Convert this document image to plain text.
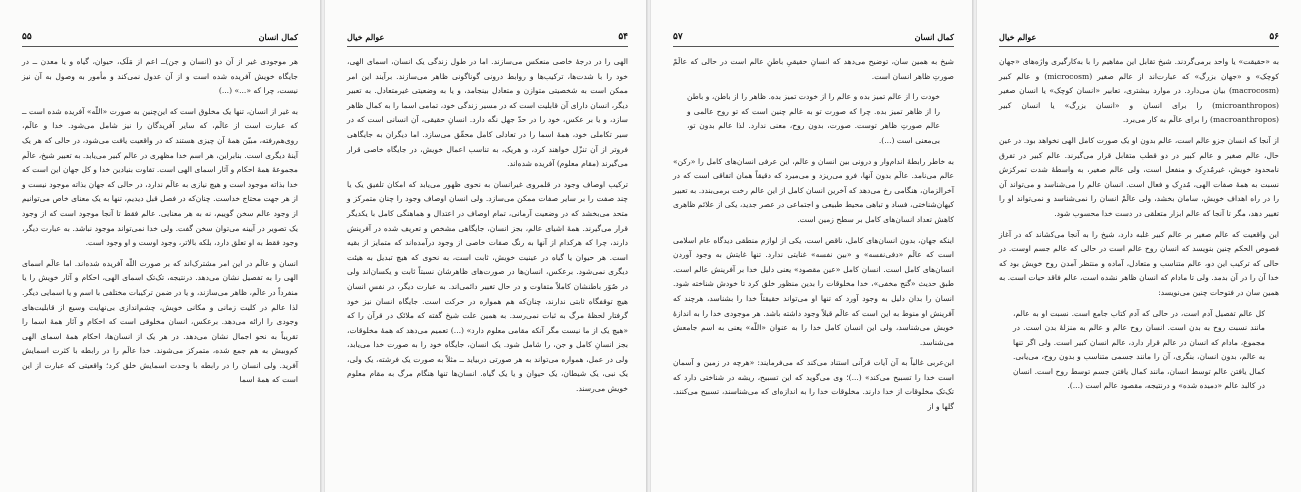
کمال انسان
۵۵

هر موجودی غیر از آن دو (انسان و جن)ــ اعم از مَلَک، حیوان، گیاه و یا معدن ــ در جایگاه خویش آفریده شده است و از آن عدول نمی‌کند و مأمور به وصول به آن نیز نیست، چرا که «...» (...)

به غیر از انسان، تنها یک مخلوق است که این‌چنین به صورت «اللّه» آفریده شده است ــ که عبارت است از عالَم، که سایر آفریدگان را نیز شامل می‌شود. خدا و عالَم، روی‌هم‌رفته، مبیّن همهٔ آن چیزی هستند که در واقعیت یافت می‌شود، در حالی که هر یک آینهٔ دیگری است. بنابراین، هر اسم خدا مظهری در عالم کبیر می‌یابد. به تعبیر شیخ، عالَم مجموعهٔ همهٔ احکام و آثار اسمای الهی است. تفاوت بنیادین خدا و کل جهان این است که خدا بذاته موجود است و هیچ نیازی به عالَم ندارد، در حالی که جهان بذاته موجود نیست و از هر جهت محتاج خداست. چنان‌که در فصل قبل دیدیم، تنها به یک معنای خاص می‌توانیم از وجود عالم سخن گوییم، نه به هر معنایی. عالم فقط تا آنجا موجود است که از وجود یک تصویر در آیینه می‌توان سخن گفت. ولی خدا نمی‌تواند موجود نباشد. به عبارت دیگر، وجود فقط به او تعلق دارد، بلکه بالاتر، وجود اوست و او وجود است.

انسان و عالَم در این امر مشترک‌اند که بر صورت اللّه آفریده شده‌اند. اما عالَم اسمای الهی را به تفصیل نشان می‌دهد. درنتیجه، تک‌تک اسمای الهی، احکام و آثار خویش را یا منفرداً در عالَم، ظاهر می‌سازند، و یا در ضمن ترکیبات مختلفی با اسم و یا اسمایی دیگر. لذا عالم در کلیت زمانی و مکانی خویش، چشم‌اندازی بی‌نهایت وسیع از قابلیت‌های وجودی را ارائه می‌دهد. برعکس، انسان مخلوقی است که احکام و آثار همهٔ اسما را تقریباً به نحو اجمال نشان می‌دهد. در هر یک از انسان‌ها، احکام همهٔ اسمای الهی کم‌وبیش به هم جمع شده، متمرکز می‌شوند. خدا عالَم را در رابطه با کثرت اسمایش آفرید. ولی انسان را در رابطه با وحدت اسمایش خلق کرد؛ واقعیتی که عبارت از این است که همهٔ اسما

۵۴
عوالم خیال

الهی را در درجهٔ خاصی منعکس می‌سازند. اما در طول زندگی یک انسان، اسمای الهی، خود را با شدت‌ها، ترکیب‌ها و روابط درونی گوناگونی ظاهر می‌سازند. برآیند این امر ممکن است به شخصیتی متوازن و متعادل بینجامد، و یا به وضعیتی غیرمتعادل. به تعبیر دیگر، انسان دارای آن قابلیت است که در مسیر زندگی خود، تمامی اسما را به کمال ظاهر سازد، و یا بر عکس، خود را در حدّ جهل نگه دارد. انسانِ حقیقی، آن انسانی است که در سیر تکاملی خود، همهٔ اسما را در تعادلی کامل محقّق می‌سازد. اما دیگران به جایگاهی فروتر از آن تنزّل خواهند کرد، و هریک، به تناسب اعمال خویش، در جایگاه خاصی قرار می‌گیرند (مقام معلوم) آفریده شده‌اند.

ترکیب اوصاف وجود در قلمروی غیرانسان به نحوی ظهور می‌یابد که امکان تلفیق یک یا چند صفت را بر سایر صفات ممکن می‌سازد. ولی انسان اوصاف وجود را چنان متمرکز و متحد می‌بخشد که در وضعیت آرمانی، تمام اوصاف در اعتدال و هماهنگی کامل با یکدیگر قرار می‌گیرند. همهٔ اشیای عالم، بجز انسان، جایگاهی مشخص و تعریف شده در آفرینش دارند، چرا که هرکدام از آنها به رنگ صفات خاصی از وجود درآمده‌اند که متمایز از بقیه است. هر حیوان یا گیاه در عینیت خویش، ثابت است، به نحوی که هیچ تبدیل به هیئت دیگری نمی‌شود. برعکس، انسان‌ها در صورت‌های ظاهرشان نسبتاً ثابت و یکسان‌اند ولی در صُوَر باطنشان کاملاً متفاوت و در حال تغییر دائمی‌اند. به عبارت دیگر، در نفسِ انسان هیچ توقفگاه ثابتی ندارند، چنان‌که هم همواره در حرکت است. جایگاه انسان نیز خود گرفتار لحظهٔ مرگ به ثبات نمی‌رسد. به همین علت شیخ گفته که ملائک در قرآن را که «هیچ یک از ما نیست مگر آنکه مقامی معلوم دارد» (...) تعمیم می‌دهد که همهٔ مخلوقات، بجز انسانِ کامل و جن، را شامل شود. یک انسان، جایگاه خود را به صورت خدا می‌یابد، ولی در عمل، همواره می‌تواند به هر صورتی دربیاید ــ مثلاً به صورت یک فرشته، یک ولی، یک نبی، یک شیطان، یک حیوان و یا یک گیاه. انسان‌ها تنها هنگام مرگ به مقام معلوم خویش می‌رسند.

کمال انسان
۵۷

شیخ به همین سان، توضیح می‌دهد که انسانِ حقیقیِ باطنِ عالم است در حالی که عالَمْ صورتِ ظاهر انسان است.

خودت را از عالم تمیز بده و عالم را از خودت تمیز بده. ظاهر را از باطن، و باطن را از ظاهر تمیز بده. چرا که صورت تو به عالم چنین است که تو روح عالمی و عالم صورتِ ظاهر توست. صورت، بدون روح، معنی ندارد. لذا عالم بدون تو، بی‌معنی است (...).

به خاطر رابطهٔ اندام‌وار و درونی بین انسان و عالم، این عرفی انسان‌های کامل را «رکن» عالم می‌نامد. عالَم بدون آنها، فرو می‌ریزد و می‌میرد که دقیقاً همان اتفاقی است که در آخرالزمان، هنگامی رخ می‌دهد که آخرین انسان کامل از این عالم رخت برمی‌بندد. به تعبیر کیهان‌شناختی، فساد و تباهی محیط طبیعی و اجتماعی در عصر جدید، یکی از علائم ظاهری کاهش تعداد انسان‌های کامل بر سطح زمین است.

اینکه جهان، بدون انسان‌های کامل، ناقص است، یکی از لوازم منطقی دیدگاه عام اسلامی است که عالَم «دفی‌نفسه» و «بین نفسه» غنایتی ندارد. تنها غایتش به وجود آوردن انسان‌های کامل است. انسان کامل «عین مقصود» یعنی دلیل خدا بر آفرینش عالم است. طبق حدیث «گنج مخفی»، خدا مخلوقات را بدین منظور خلق کرد تا خودش شناخته شود. انسان را بدان دلیل به وجود آورد که تنها او می‌تواند حقیقتاً خدا را بشناسد، هرچند که آفرینش او منوط به این است که عالَم قبلاً وجود داشته باشد. هر موجودی خدا را به اندازهٔ خویش می‌شناسد، ولی این انسان کامل خدا را به عنوان «اللّه» یعنی به اسم جامعش می‌شناسد.

ابن‌عربی غالباً به آن آیات قرآنی استناد می‌کند که می‌فرمایند: «هرچه در زمین و آسمان است خدا را تسبیح می‌کند» (...)؛ وی می‌گوید که این تسبیح، ریشه در شناختی دارد که تک‌تک مخلوقات از خدا دارند. مخلوقات خدا را به اندازه‌ای که می‌شناسند، تسبیح می‌کنند. گلها و از

۵۶
عوالم خیال

به «حقیقت» یا واحد برمی‌گردند. شیخ تقابل این مفاهیم را با به‌کارگیری واژه‌های «جهان کوچک» و «جهان بزرگ» که عبارت‌اند از عالم صغیر (microcosm) و عالم کبیر (macrocosm) بیان می‌دارد. در موارد بیشتری، تعابیر «انسان کوچک» یا انسان صغیر (microanthropos) را برای انسان و «انسان بزرگ» یا انسان کبیر (macroanthropos) را برای عالَم به کار می‌برد.

از آنجا که انسان جزو عالم است، عالم بدون او یک صورت کامل الهی نخواهد بود. در عین حال، عالم صغیر و عالم کبیر در دو قطب متقابل قرار می‌گیرند. عالم کبیر در تفرق نامحدود خویش، غیرمُدرِک و منفعل است، ولی عالم صغیر، به واسطهٔ شدت تمرکزش نسبت به همهٔ صفات الهی، مُدرِک و فعال است. انسان عالم را می‌شناسد و می‌تواند آن را در راه اهداف خویش، سامان بخشد، ولی عالَمْ انسان را نمی‌شناسد و نمی‌تواند او را تغییر دهد، مگر تا آنجا که عالم ابزار متعلقی در دست خدا محسوب شود.

این واقعیت که عالم صغیر بر عالم کبیر غلبه دارد، شیخ را به آنجا می‌کشاند که در آغاز فصوص الحکم چنین بنویسد که انسان روح عالم است در حالی که عالم جسم اوست. در حالی که ترکیب این دو، عالم متناسب و متعادل، آماده و منتظر آمدن روح خویش بود که خدا آن را در آن بدمد. ولی تا مادام که انسان ظاهر نشده است، عالم فاقد حیات است. به همین سان در فتوحات چنین می‌نویسد:

کل عالم تفصیل آدم است، در حالی که آدم کتاب جامع است. نسبت او به عالم، مانند نسبت روح به بدن است. انسان روح عالم و عالم به منزلهٔ بدن است. در مجموع، مادام که انسان در عالم قرار دارد، عالم انسان کبیر است. ولی اگر تنها به عالم، بدون انسان، بنگری، آن را مانند جسمی متناسب و بدون روح، می‌یابی. کمال یافتن عالم توسط انسان، مانند کمال یافتن جسم توسط روح است. انسان در کالبد عالم «دمیده شده» و درنتیجه، مقصود عالم است (...).
